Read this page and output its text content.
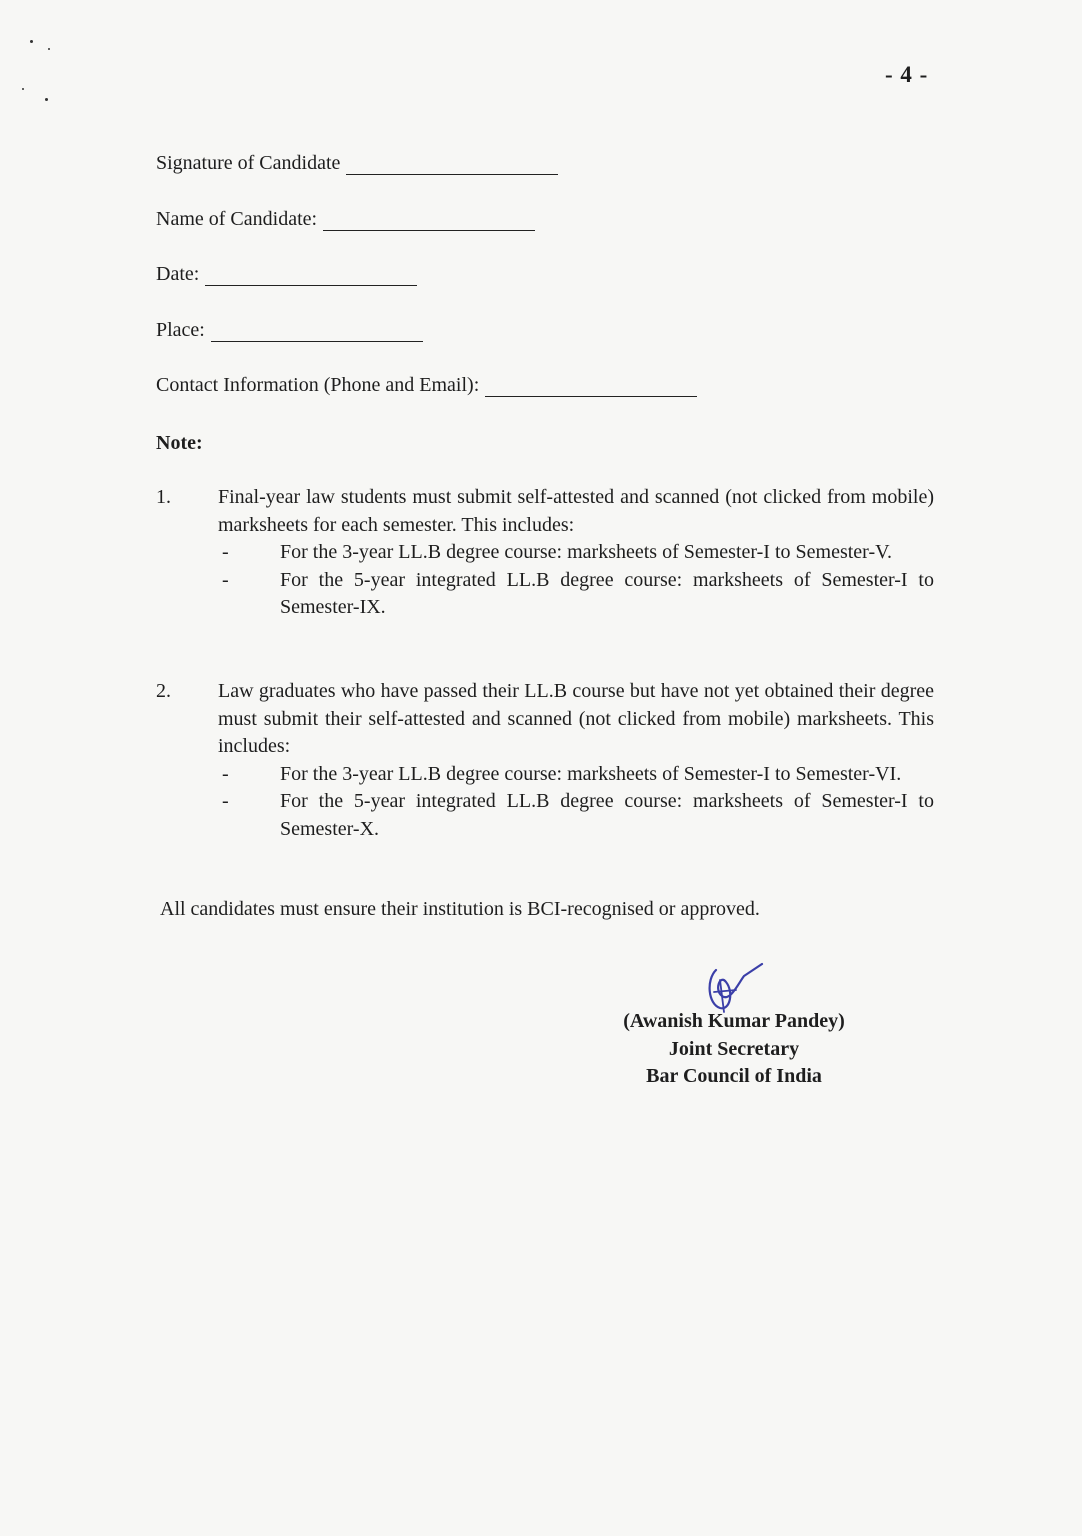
- 4 -
Signature of Candidate
Name of Candidate:
Date:
Place:
Contact Information (Phone and Email):
Note:
1. Final-year law students must submit self-attested and scanned (not clicked from mobile) marksheets for each semester. This includes:
-	For the 3-year LL.B degree course: marksheets of Semester-I to Semester-V.
-	For the 5-year integrated LL.B degree course: marksheets of Semester-I to Semester-IX.
2. Law graduates who have passed their LL.B course but have not yet obtained their degree must submit their self-attested and scanned (not clicked from mobile) marksheets. This includes:
-	For the 3-year LL.B degree course: marksheets of Semester-I to Semester-VI.
-	For the 5-year integrated LL.B degree course: marksheets of Semester-I to Semester-X.
All candidates must ensure their institution is BCI-recognised or approved.
(Awanish Kumar Pandey)
Joint Secretary
Bar Council of India
